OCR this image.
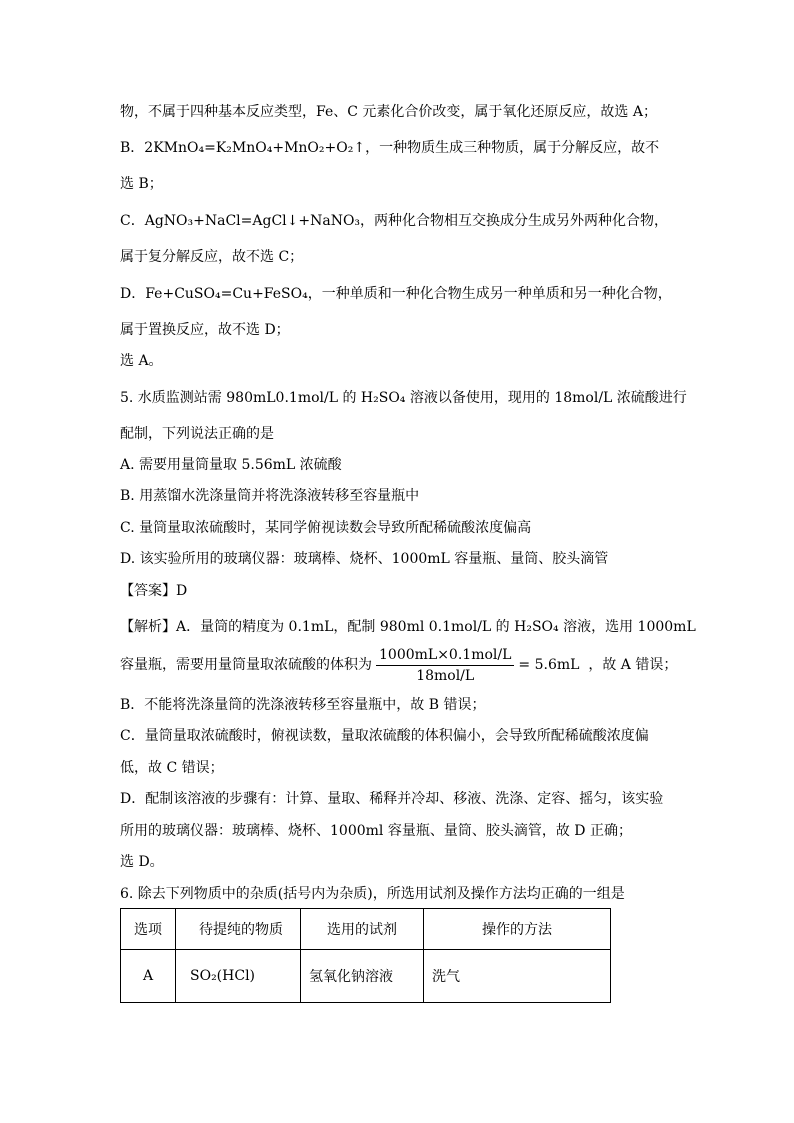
物，不属于四种基本反应类型，Fe、C 元素化合价改变，属于氧化还原反应，故选 A；
B．2KMnO₄=K₂MnO₄+MnO₂+O₂↑，一种物质生成三种物质，属于分解反应，故不
选 B；
C．AgNO₃+NaCl=AgCl↓+NaNO₃，两种化合物相互交换成分生成另外两种化合物，
属于复分解反应，故不选 C；
D．Fe+CuSO₄=Cu+FeSO₄，一种单质和一种化合物生成另一种单质和另一种化合物，
属于置换反应，故不选 D；
选 A。
5. 水质监测站需 980mL0.1mol/L 的 H₂SO₄ 溶液以备使用，现用的 18mol/L 浓硫酸进行
配制，下列说法正确的是
A. 需要用量筒量取 5.56mL 浓硫酸
B. 用蒸馏水洗涤量筒并将洗涤液转移至容量瓶中
C. 量筒量取浓硫酸时，某同学俯视读数会导致所配稀硫酸浓度偏高
D. 该实验所用的玻璃仪器：玻璃棒、烧杯、1000mL 容量瓶、量筒、胶头滴管
【答案】D
【解析】A．量筒的精度为 0.1mL，配制 980ml 0.1mol/L 的 H₂SO₄ 溶液，选用 1000mL
容量瓶，需要用量筒量取浓硫酸的体积为 $\frac{\text{1000mL×0.1mol/L}}{\text{18mol/L}} = 5.6mL$ ，故 A 错误；
B．不能将洗涤量筒的洗涤液转移至容量瓶中，故 B 错误；
C．量筒量取浓硫酸时，俯视读数，量取浓硫酸的体积偏小，会导致所配稀硫酸浓度偏
低，故 C 错误；
D．配制该溶液的步骤有：计算、量取、稀释并冷却、移液、洗涤、定容、摇匀，该实验
所用的玻璃仪器：玻璃棒、烧杯、1000ml 容量瓶、量筒、胶头滴管，故 D 正确；
选 D。
6. 除去下列物质中的杂质(括号内为杂质)，所选用试剂及操作方法均正确的一组是
选项	待提纯的物质	选用的试剂	操作的方法
A	SO₂(HCl)	氢氧化钠溶液	洗气
